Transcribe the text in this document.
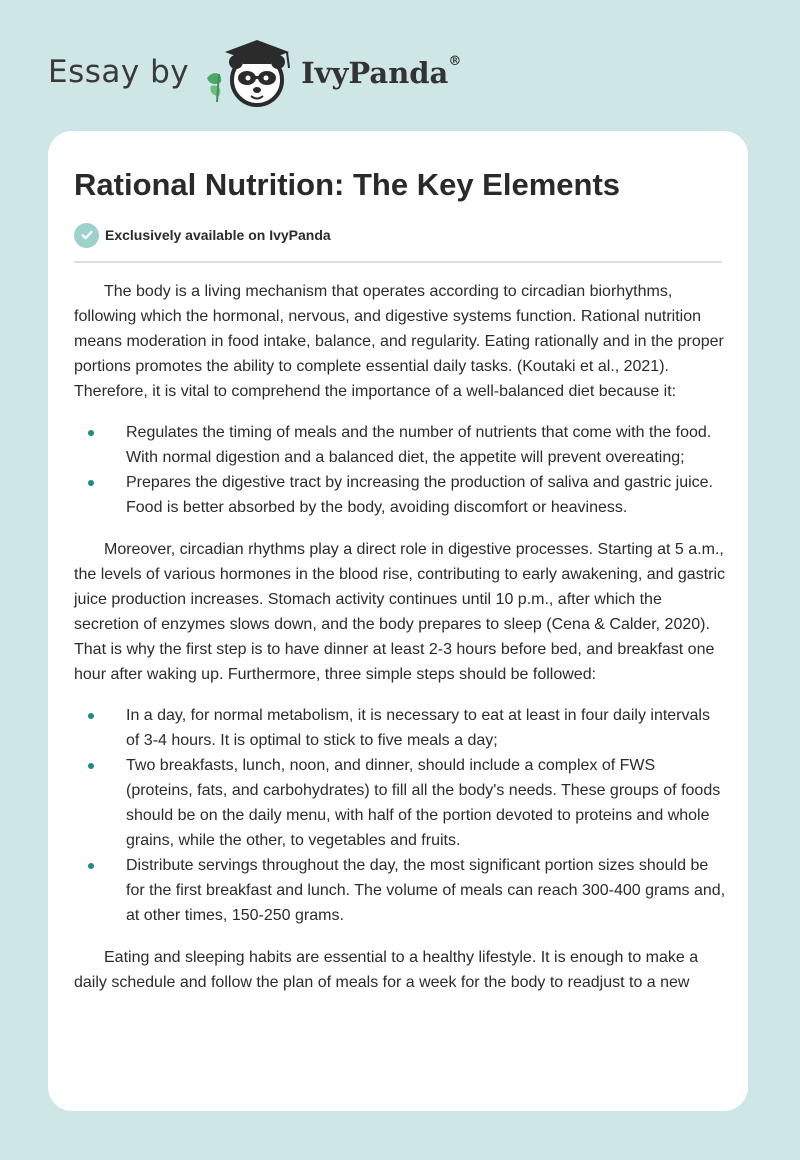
Essay by	IvyPanda®
Rational Nutrition: The Key Elements
Exclusively available on IvyPanda

The body is a living mechanism that operates according to circadian biorhythms, following which the hormonal, nervous, and digestive systems function. Rational nutrition means moderation in food intake, balance, and regularity. Eating rationally and in the proper portions promotes the ability to complete essential daily tasks. (Koutaki et al., 2021). Therefore, it is vital to comprehend the importance of a well-balanced diet because it:

Regulates the timing of meals and the number of nutrients that come with the food. With normal digestion and a balanced diet, the appetite will prevent overeating;
Prepares the digestive tract by increasing the production of saliva and gastric juice. Food is better absorbed by the body, avoiding discomfort or heaviness.

Moreover, circadian rhythms play a direct role in digestive processes. Starting at 5 a.m., the levels of various hormones in the blood rise, contributing to early awakening, and gastric juice production increases. Stomach activity continues until 10 p.m., after which the secretion of enzymes slows down, and the body prepares to sleep (Cena & Calder, 2020). That is why the first step is to have dinner at least 2-3 hours before bed, and breakfast one hour after waking up. Furthermore, three simple steps should be followed:

In a day, for normal metabolism, it is necessary to eat at least in four daily intervals of 3-4 hours. It is optimal to stick to five meals a day;
Two breakfasts, lunch, noon, and dinner, should include a complex of FWS (proteins, fats, and carbohydrates) to fill all the body's needs. These groups of foods should be on the daily menu, with half of the portion devoted to proteins and whole grains, while the other, to vegetables and fruits.
Distribute servings throughout the day, the most significant portion sizes should be for the first breakfast and lunch. The volume of meals can reach 300-400 grams and, at other times, 150-250 grams.

Eating and sleeping habits are essential to a healthy lifestyle. It is enough to make a daily schedule and follow the plan of meals for a week for the body to readjust to a new
